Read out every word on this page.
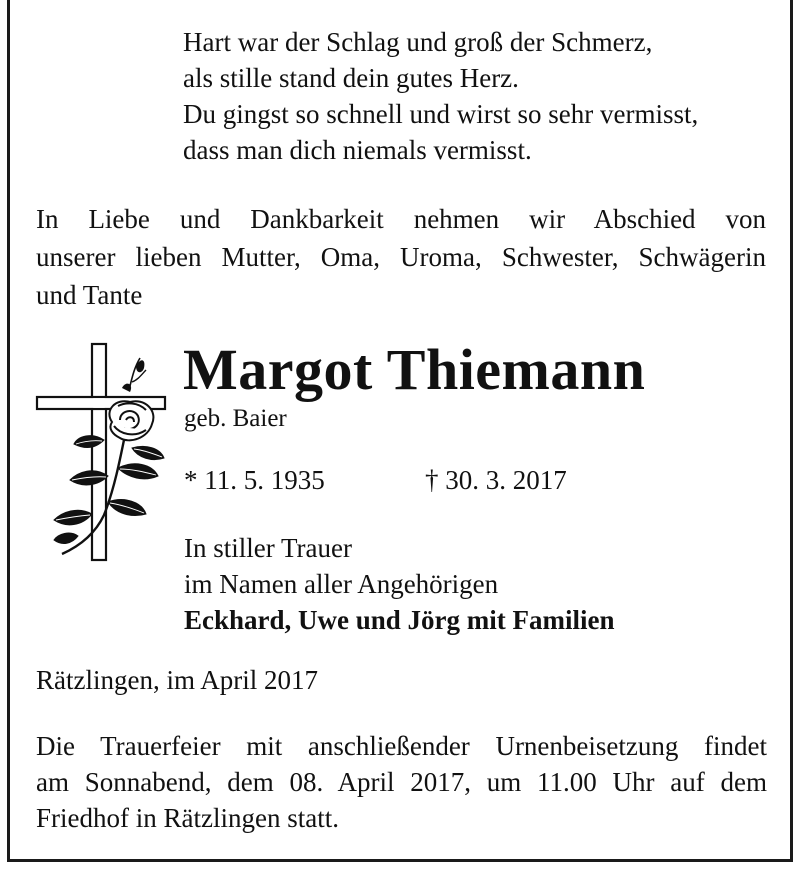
Hart war der Schlag und groß der Schmerz,
als stille stand dein gutes Herz.
Du gingst so schnell und wirst so sehr vermisst,
dass man dich niemals vermisst.
In Liebe und Dankbarkeit nehmen wir Abschied von
unserer lieben Mutter, Oma, Uroma, Schwester, Schwägerin
und Tante
Margot Thiemann
geb. Baier
* 11. 5. 1935	† 30. 3. 2017
In stiller Trauer
im Namen aller Angehörigen
Eckhard, Uwe und Jörg mit Familien
Rätzlingen, im April 2017
Die Trauerfeier mit anschließender Urnenbeisetzung findet
am Sonnabend, dem 08. April 2017, um 11.00 Uhr auf dem
Friedhof in Rätzlingen statt.
